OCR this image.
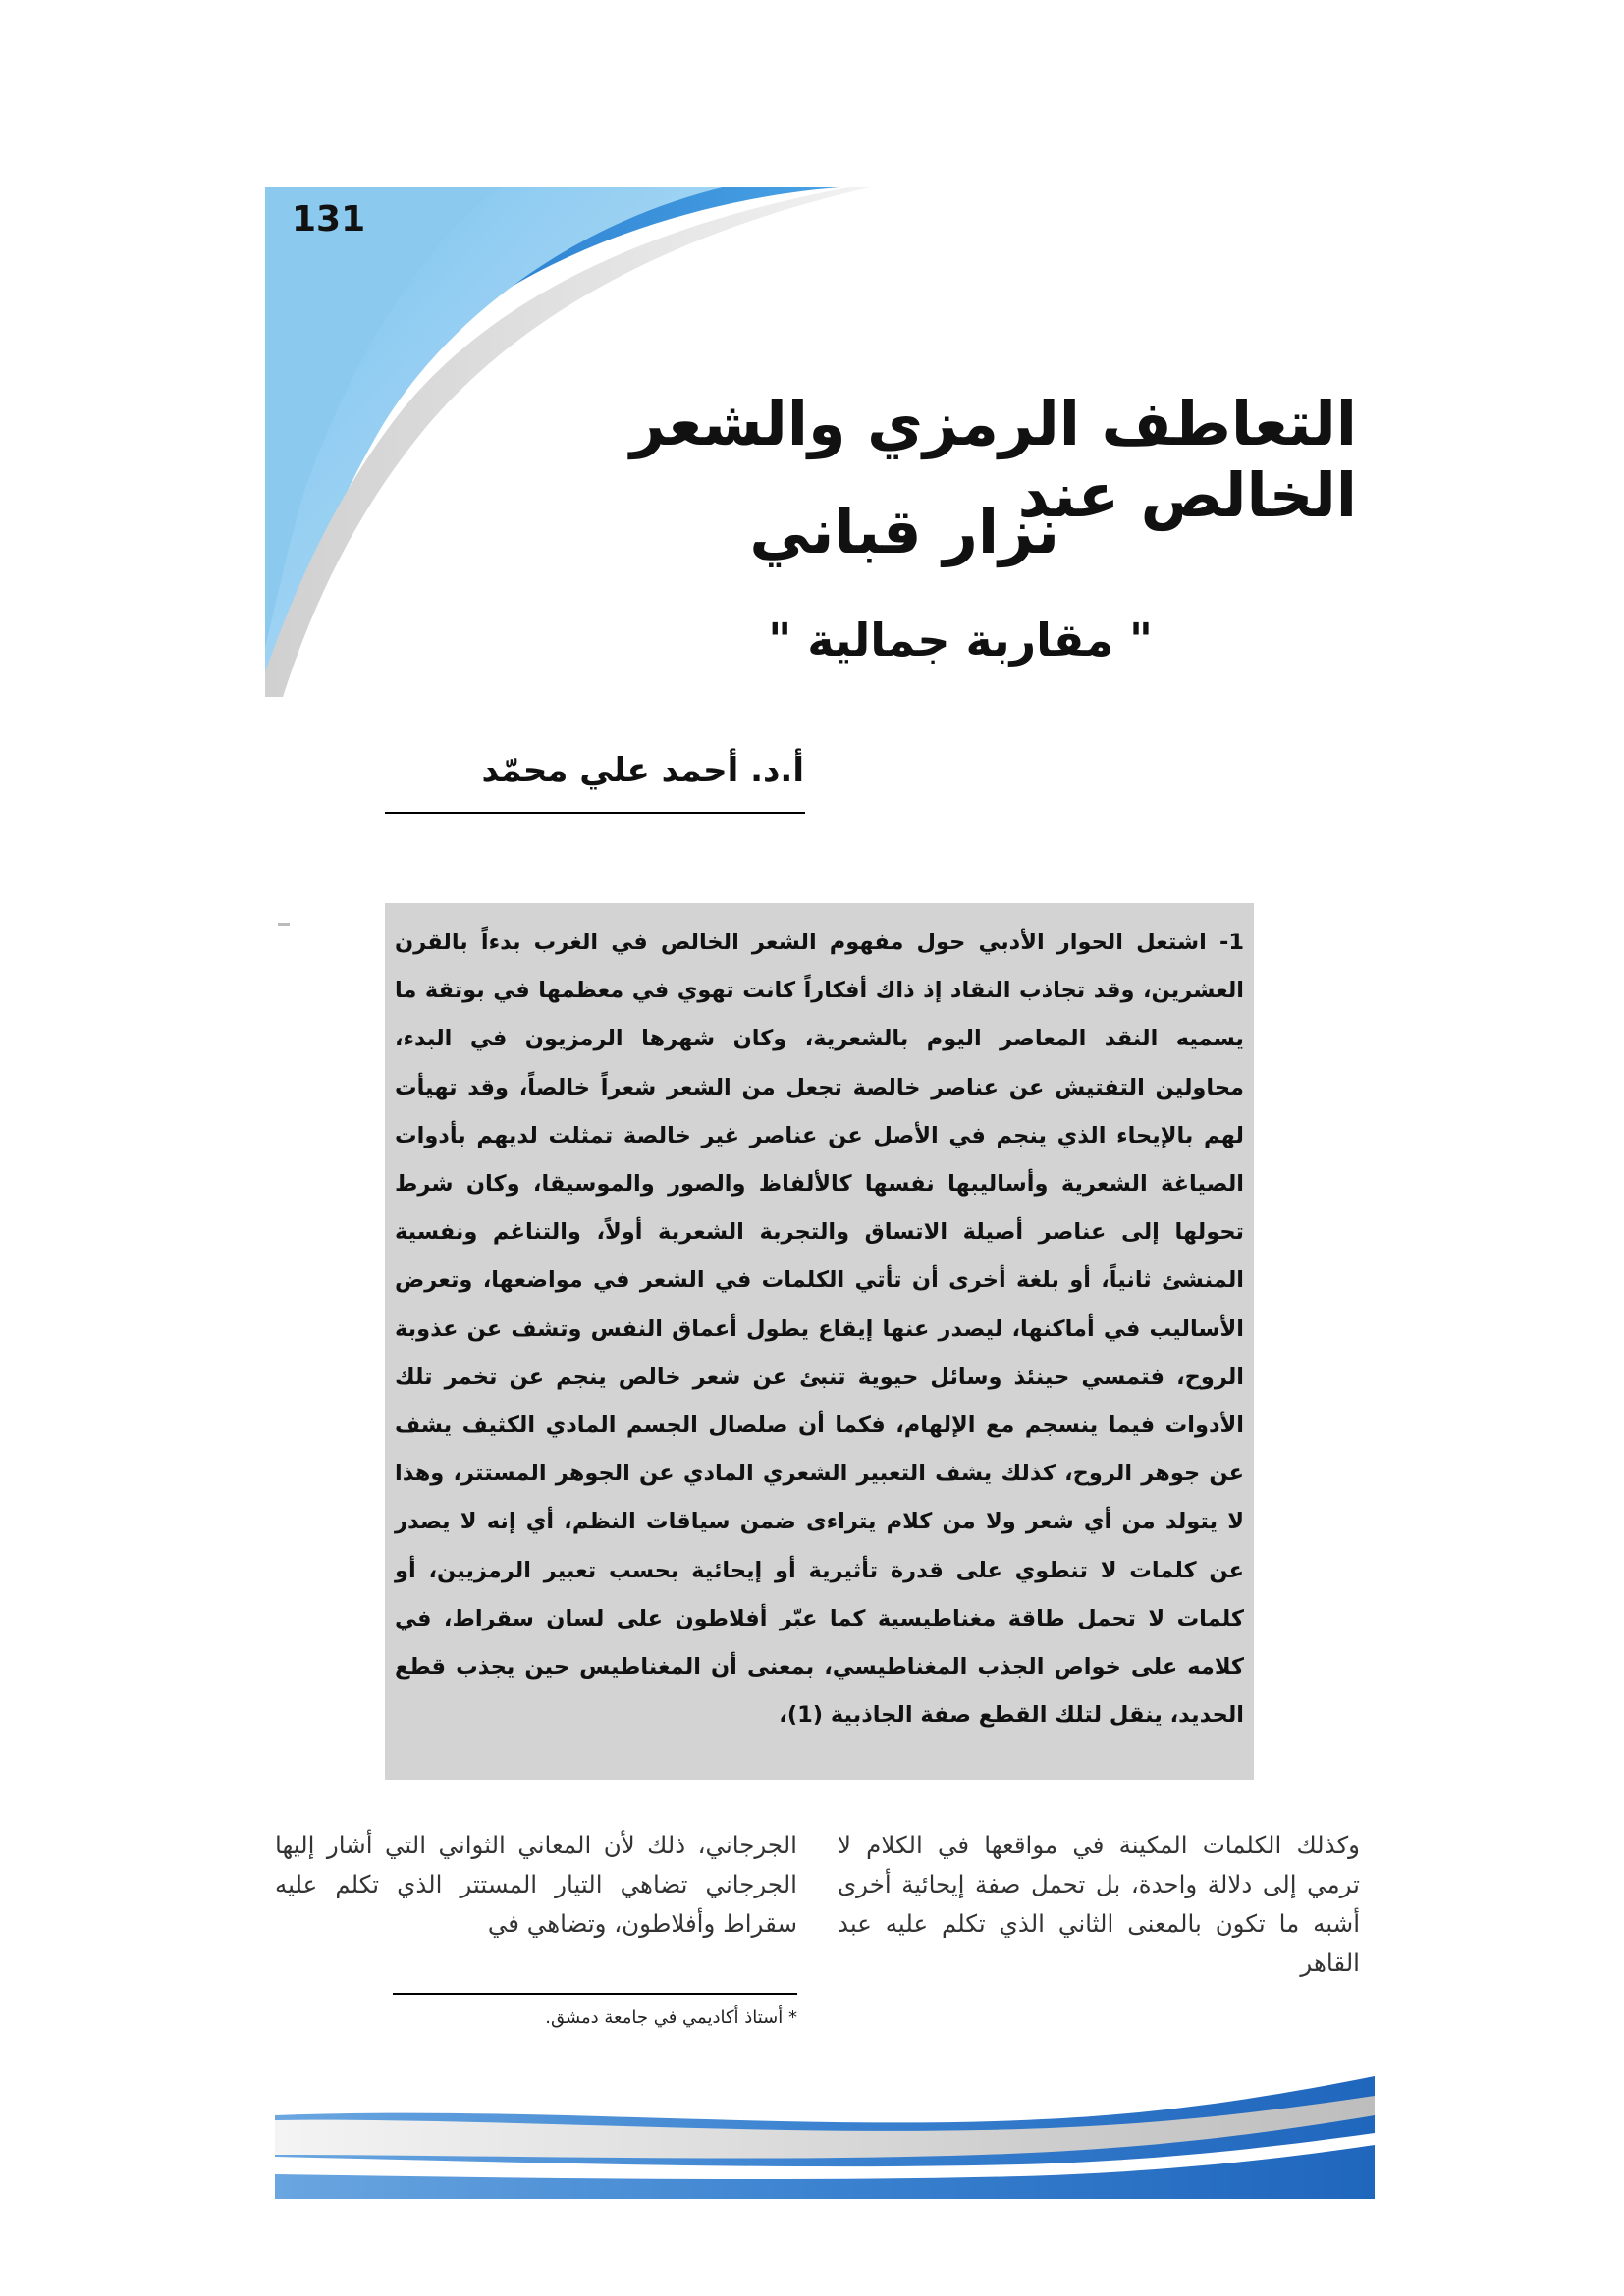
131
التعاطف الرمزي والشعر الخالص عند
نزار قباني
" مقاربة جمالية "
أ.د. أحمد علي محمّد

1- اشتعل الحوار الأدبي حول مفهوم الشعر الخالص في الغرب بدءاً بالقرن العشرين، وقد تجاذب النقاد إذ ذاك أفكاراً كانت تهوي في معظمها في بوتقة ما يسميه النقد المعاصر اليوم بالشعرية، وكان شهرها الرمزيون في البدء، محاولين التفتيش عن عناصر خالصة تجعل من الشعر شعراً خالصاً، وقد تهيأت لهم بالإيحاء الذي ينجم في الأصل عن عناصر غير خالصة تمثلت لديهم بأدوات الصياغة الشعرية وأساليبها نفسها كالألفاظ والصور والموسيقا، وكان شرط تحولها إلى عناصر أصيلة الاتساق والتجربة الشعرية أولاً، والتناغم ونفسية المنشئ ثانياً، أو بلغة أخرى أن تأتي الكلمات في الشعر في مواضعها، وتعرض الأساليب في أماكنها، ليصدر عنها إيقاع يطول أعماق النفس وتشف عن عذوبة الروح، فتمسي حينئذ وسائل حيوية تنبئ عن شعر خالص ينجم عن تخمر تلك الأدوات فيما ينسجم مع الإلهام، فكما أن صلصال الجسم المادي الكثيف يشف عن جوهر الروح، كذلك يشف التعبير الشعري المادي عن الجوهر المستتر، وهذا لا يتولد من أي شعر ولا من كلام يتراءى ضمن سياقات النظم، أي إنه لا يصدر عن كلمات لا تنطوي على قدرة تأثيرية أو إيحائية بحسب تعبير الرمزيين، أو كلمات لا تحمل طاقة مغناطيسية كما عبّر أفلاطون على لسان سقراط، في كلامه على خواص الجذب المغناطيسي، بمعنى أن المغناطيس حين يجذب قطع الحديد، ينقل لتلك القطع صفة الجاذبية (1)،

وكذلك الكلمات المكينة في مواقعها في الكلام لا ترمي إلى دلالة واحدة، بل تحمل صفة إيحائية أخرى أشبه ما تكون بالمعنى الثاني الذي تكلم عليه عبد القاهر

الجرجاني، ذلك لأن المعاني الثواني التي أشار إليها الجرجاني تضاهي التيار المستتر الذي تكلم عليه سقراط وأفلاطون، وتضاهي في

* أستاذ أكاديمي في جامعة دمشق.
